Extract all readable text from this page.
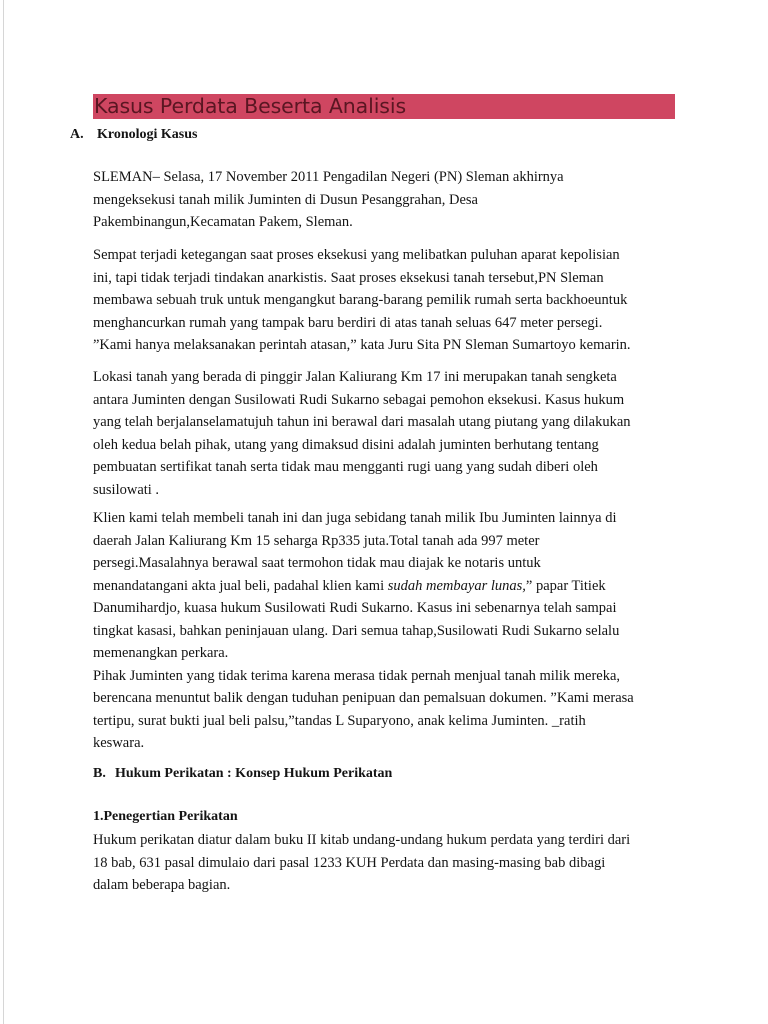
Kasus Perdata Beserta Analisis
A. Kronologi Kasus
SLEMAN– Selasa, 17 November 2011 Pengadilan Negeri (PN) Sleman akhirnya
mengeksekusi tanah milik Juminten di Dusun Pesanggrahan, Desa
Pakembinangun,Kecamatan Pakem, Sleman.
Sempat terjadi ketegangan saat proses eksekusi yang melibatkan puluhan aparat kepolisian
ini, tapi tidak terjadi tindakan anarkistis. Saat proses eksekusi tanah tersebut,PN Sleman
membawa sebuah truk untuk mengangkut barang-barang pemilik rumah serta backhoeuntuk
menghancurkan rumah yang tampak baru berdiri di atas tanah seluas 647 meter persegi.
”Kami hanya melaksanakan perintah atasan,” kata Juru Sita PN Sleman Sumartoyo kemarin.
Lokasi tanah yang berada di pinggir Jalan Kaliurang Km 17 ini merupakan tanah sengketa
antara Juminten dengan Susilowati Rudi Sukarno sebagai pemohon eksekusi. Kasus hukum
yang telah berjalanselamatujuh tahun ini berawal dari masalah utang piutang yang dilakukan
oleh kedua belah pihak, utang yang dimaksud disini adalah juminten berhutang tentang
pembuatan sertifikat tanah serta tidak mau mengganti rugi uang yang sudah diberi oleh
susilowati .
Klien kami telah membeli tanah ini dan juga sebidang tanah milik Ibu Juminten lainnya di
daerah Jalan Kaliurang Km 15 seharga Rp335 juta.Total tanah ada 997 meter
persegi.Masalahnya berawal saat termohon tidak mau diajak ke notaris untuk
menandatangani akta jual beli, padahal klien kami sudah membayar lunas,” papar Titiek
Danumihardjo, kuasa hukum Susilowati Rudi Sukarno. Kasus ini sebenarnya telah sampai
tingkat kasasi, bahkan peninjauan ulang. Dari semua tahap,Susilowati Rudi Sukarno selalu
memenangkan perkara.
Pihak Juminten yang tidak terima karena merasa tidak pernah menjual tanah milik mereka,
berencana menuntut balik dengan tuduhan penipuan dan pemalsuan dokumen. ”Kami merasa
tertipu, surat bukti jual beli palsu,”tandas L Suparyono, anak kelima Juminten. _ratih
keswara.
B. Hukum Perikatan : Konsep Hukum Perikatan
1.Penegertian Perikatan
Hukum perikatan diatur dalam buku II kitab undang-undang hukum perdata yang terdiri dari
18 bab, 631 pasal dimulaio dari pasal 1233 KUH Perdata dan masing-masing bab dibagi
dalam beberapa bagian.
